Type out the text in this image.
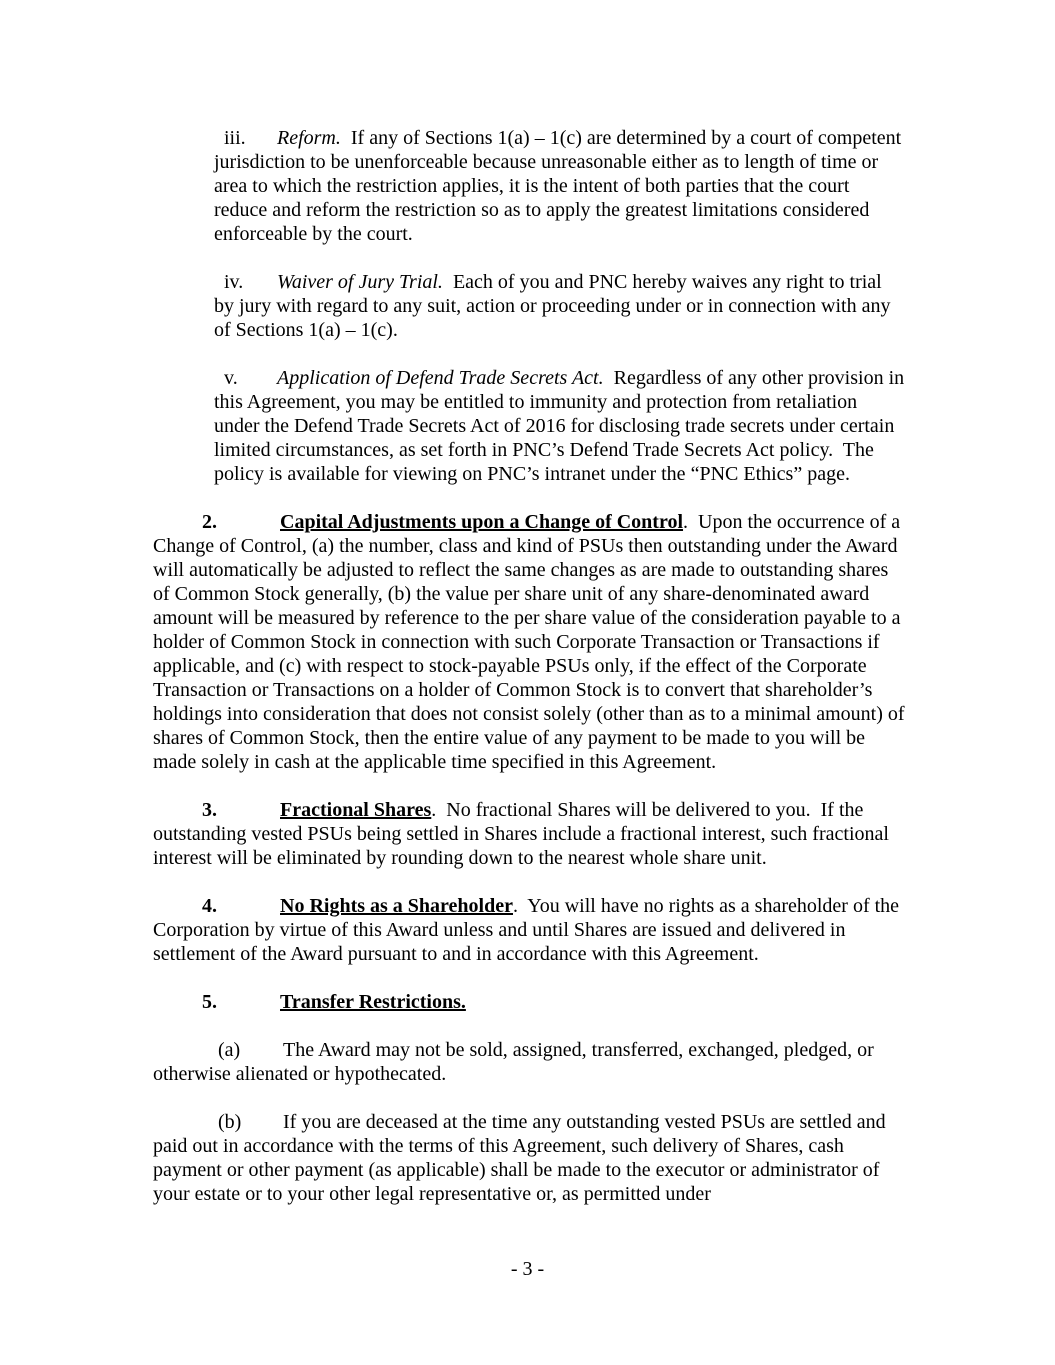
iii. Reform.  If any of Sections 1(a) – 1(c) are determined by a court of competent jurisdiction to be unenforceable because unreasonable either as to length of time or area to which the restriction applies, it is the intent of both parties that the court reduce and reform the restriction so as to apply the greatest limitations considered enforceable by the court.

iv. Waiver of Jury Trial.  Each of you and PNC hereby waives any right to trial by jury with regard to any suit, action or proceeding under or in connection with any of Sections 1(a) – 1(c).

v. Application of Defend Trade Secrets Act.  Regardless of any other provision in this Agreement, you may be entitled to immunity and protection from retaliation under the Defend Trade Secrets Act of 2016 for disclosing trade secrets under certain limited circumstances, as set forth in PNC’s Defend Trade Secrets Act policy.  The policy is available for viewing on PNC’s intranet under the “PNC Ethics” page.

2.	Capital Adjustments upon a Change of Control.  Upon the occurrence of a Change of Control, (a) the number, class and kind of PSUs then outstanding under the Award will automatically be adjusted to reflect the same changes as are made to outstanding shares of Common Stock generally, (b) the value per share unit of any share-denominated award amount will be measured by reference to the per share value of the consideration payable to a holder of Common Stock in connection with such Corporate Transaction or Transactions if applicable, and (c) with respect to stock-payable PSUs only, if the effect of the Corporate Transaction or Transactions on a holder of Common Stock is to convert that shareholder’s holdings into consideration that does not consist solely (other than as to a minimal amount) of shares of Common Stock, then the entire value of any payment to be made to you will be made solely in cash at the applicable time specified in this Agreement.

3.	Fractional Shares.  No fractional Shares will be delivered to you.  If the outstanding vested PSUs being settled in Shares include a fractional interest, such fractional interest will be eliminated by rounding down to the nearest whole share unit.

4.	No Rights as a Shareholder.  You will have no rights as a shareholder of the Corporation by virtue of this Award unless and until Shares are issued and delivered in settlement of the Award pursuant to and in accordance with this Agreement.

5.	Transfer Restrictions.

(a) The Award may not be sold, assigned, transferred, exchanged, pledged, or otherwise alienated or hypothecated.

(b) If you are deceased at the time any outstanding vested PSUs are settled and paid out in accordance with the terms of this Agreement, such delivery of Shares, cash payment or other payment (as applicable) shall be made to the executor or administrator of your estate or to your other legal representative or, as permitted under

- 3 -
